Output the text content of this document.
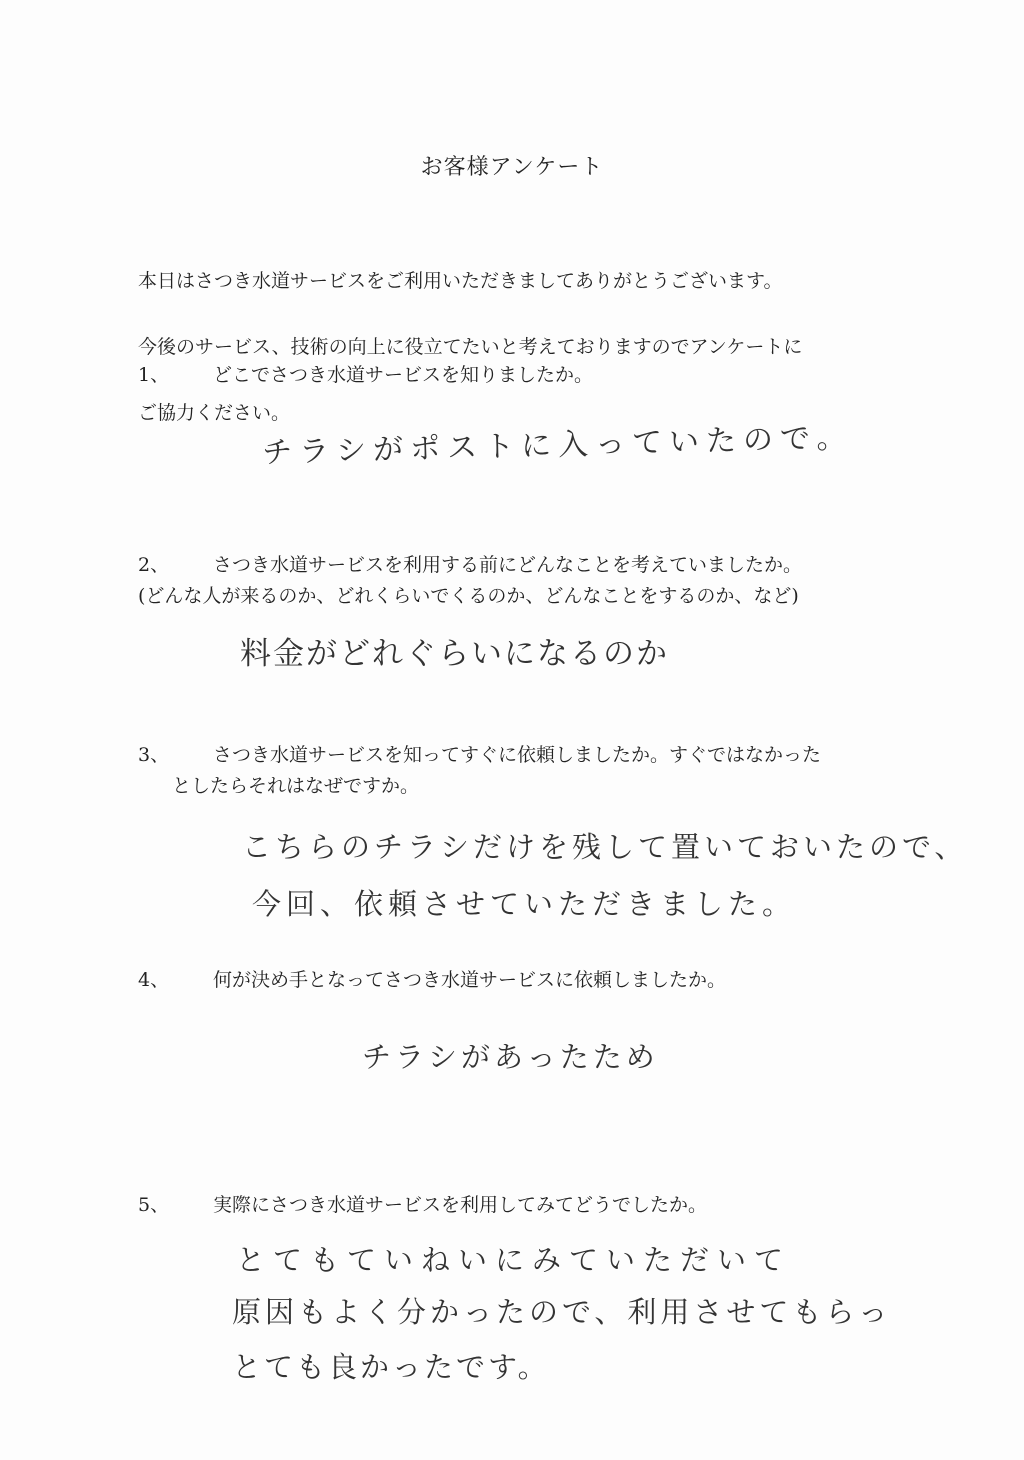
お客様アンケート

本日はさつき水道サービスをご利用いただきましてありがとうございます。

今後のサービス、技術の向上に役立てたいと考えておりますのでアンケートに

ご協力ください。

1、 どこでさつき水道サービスを知りましたか。
チラシがポストに入っていたので。
2、 さつき水道サービスを利用する前にどんなことを考えていましたか。
(どんな人が来るのか、どれくらいでくるのか、どんなことをするのか、など)
料金がどれぐらいになるのか
3、 さつき水道サービスを知ってすぐに依頼しましたか。すぐではなかった
としたらそれはなぜですか。
こちらのチラシだけを残して置いておいたので、
今回、依頼させていただきました。
4、 何が決め手となってさつき水道サービスに依頼しましたか。
チラシがあったため
5、 実際にさつき水道サービスを利用してみてどうでしたか。
とてもていねいにみていただいて
原因もよく分かったので、利用させてもらっ
とても良かったです。
